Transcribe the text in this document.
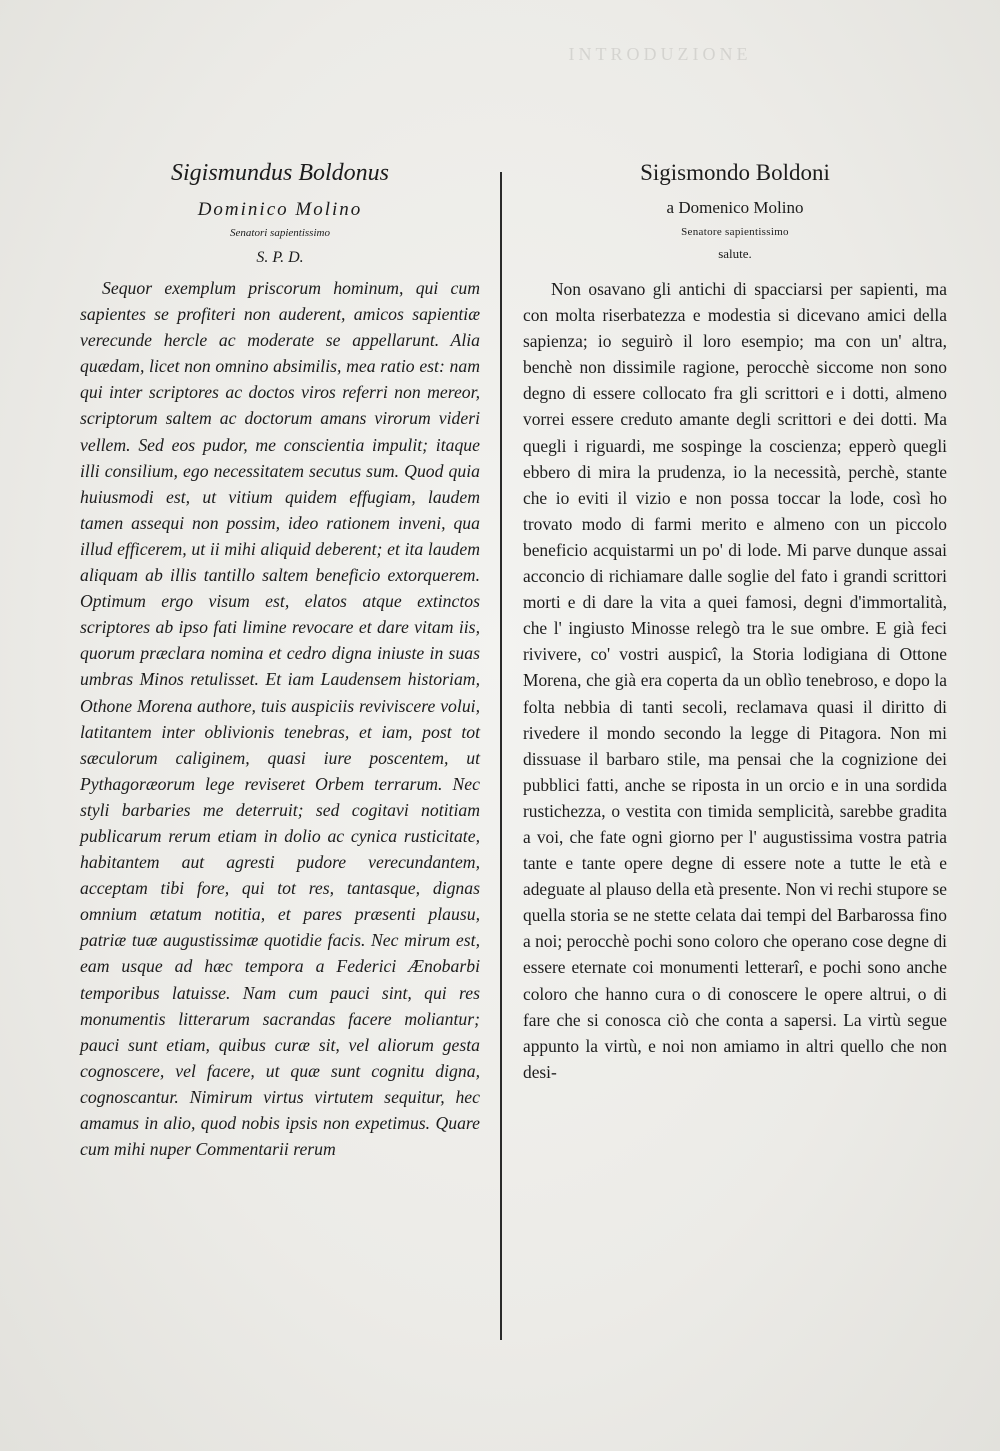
INTRODUZIONE

Sigismundus Boldonus

Dominico Molino

Senatori sapientissimo

S. P. D.

Sequor exemplum priscorum hominum, qui cum sapientes se profiteri non auderent, amicos sapientiæ verecunde hercle ac moderate se appellarunt. Alia quædam, licet non omnino absimilis, mea ratio est: nam qui inter scriptores ac doctos viros referri non mereor, scriptorum saltem ac doctorum amans virorum videri vellem. Sed eos pudor, me conscientia impulit; itaque illi consilium, ego necessitatem secutus sum. Quod quia huiusmodi est, ut vitium quidem effugiam, laudem tamen assequi non possim, ideo rationem inveni, qua illud efficerem, ut ii mihi aliquid deberent; et ita laudem aliquam ab illis tantillo saltem beneficio extorquerem. Optimum ergo visum est, elatos atque extinctos scriptores ab ipso fati limine revocare et dare vitam iis, quorum præclara nomina et cedro digna iniuste in suas umbras Minos retulisset. Et iam Laudensem historiam, Othone Morena authore, tuis auspiciis reviviscere volui, latitantem inter oblivionis tenebras, et iam, post tot sæculorum caliginem, quasi iure poscentem, ut Pythagoræorum lege reviseret Orbem terrarum. Nec styli barbaries me deterruit; sed cogitavi notitiam publicarum rerum etiam in dolio ac cynica rusticitate, habitantem aut agresti pudore verecundantem, acceptam tibi fore, qui tot res, tantasque, dignas omnium ætatum notitia, et pares præsenti plausu, patriæ tuæ augustissimæ quotidie facis. Nec mirum est, eam usque ad hæc tempora a Federici Ænobarbi temporibus latuisse. Nam cum pauci sint, qui res monumentis litterarum sacrandas facere moliantur; pauci sunt etiam, quibus curæ sit, vel aliorum gesta cognoscere, vel facere, ut quæ sunt cognitu digna, cognoscantur. Nimirum virtus virtutem sequitur, hec amamus in alio, quod nobis ipsis non expetimus. Quare cum mihi nuper Commentarii rerum

Sigismondo Boldoni

a Domenico Molino

Senatore sapientissimo

salute.

Non osavano gli antichi di spacciarsi per sapienti, ma con molta riserbatezza e modestia si dicevano amici della sapienza; io seguirò il loro esempio; ma con un' altra, benchè non dissimile ragione, perocchè siccome non sono degno di essere collocato fra gli scrittori e i dotti, almeno vorrei essere creduto amante degli scrittori e dei dotti. Ma quegli i riguardi, me sospinge la coscienza; epperò quegli ebbero di mira la prudenza, io la necessità, perchè, stante che io eviti il vizio e non possa toccar la lode, così ho trovato modo di farmi merito e almeno con un piccolo beneficio acquistarmi un po' di lode. Mi parve dunque assai acconcio di richiamare dalle soglie del fato i grandi scrittori morti e di dare la vita a quei famosi, degni d'immortalità, che l' ingiusto Minosse relegò tra le sue ombre. E già feci rivivere, co' vostri auspicî, la Storia lodigiana di Ottone Morena, che già era coperta da un oblìo tenebroso, e dopo la folta nebbia di tanti secoli, reclamava quasi il diritto di rivedere il mondo secondo la legge di Pitagora. Non mi dissuase il barbaro stile, ma pensai che la cognizione dei pubblici fatti, anche se riposta in un orcio e in una sordida rustichezza, o vestita con timida semplicità, sarebbe gradita a voi, che fate ogni giorno per l' augustissima vostra patria tante e tante opere degne di essere note a tutte le età e adeguate al plauso della età presente. Non vi rechi stupore se quella storia se ne stette celata dai tempi del Barbarossa fino a noi; perocchè pochi sono coloro che operano cose degne di essere eternate coi monumenti letterarî, e pochi sono anche coloro che hanno cura o di conoscere le opere altrui, o di fare che si conosca ciò che conta a sapersi. La virtù segue appunto la virtù, e noi non amiamo in altri quello che non desi-
